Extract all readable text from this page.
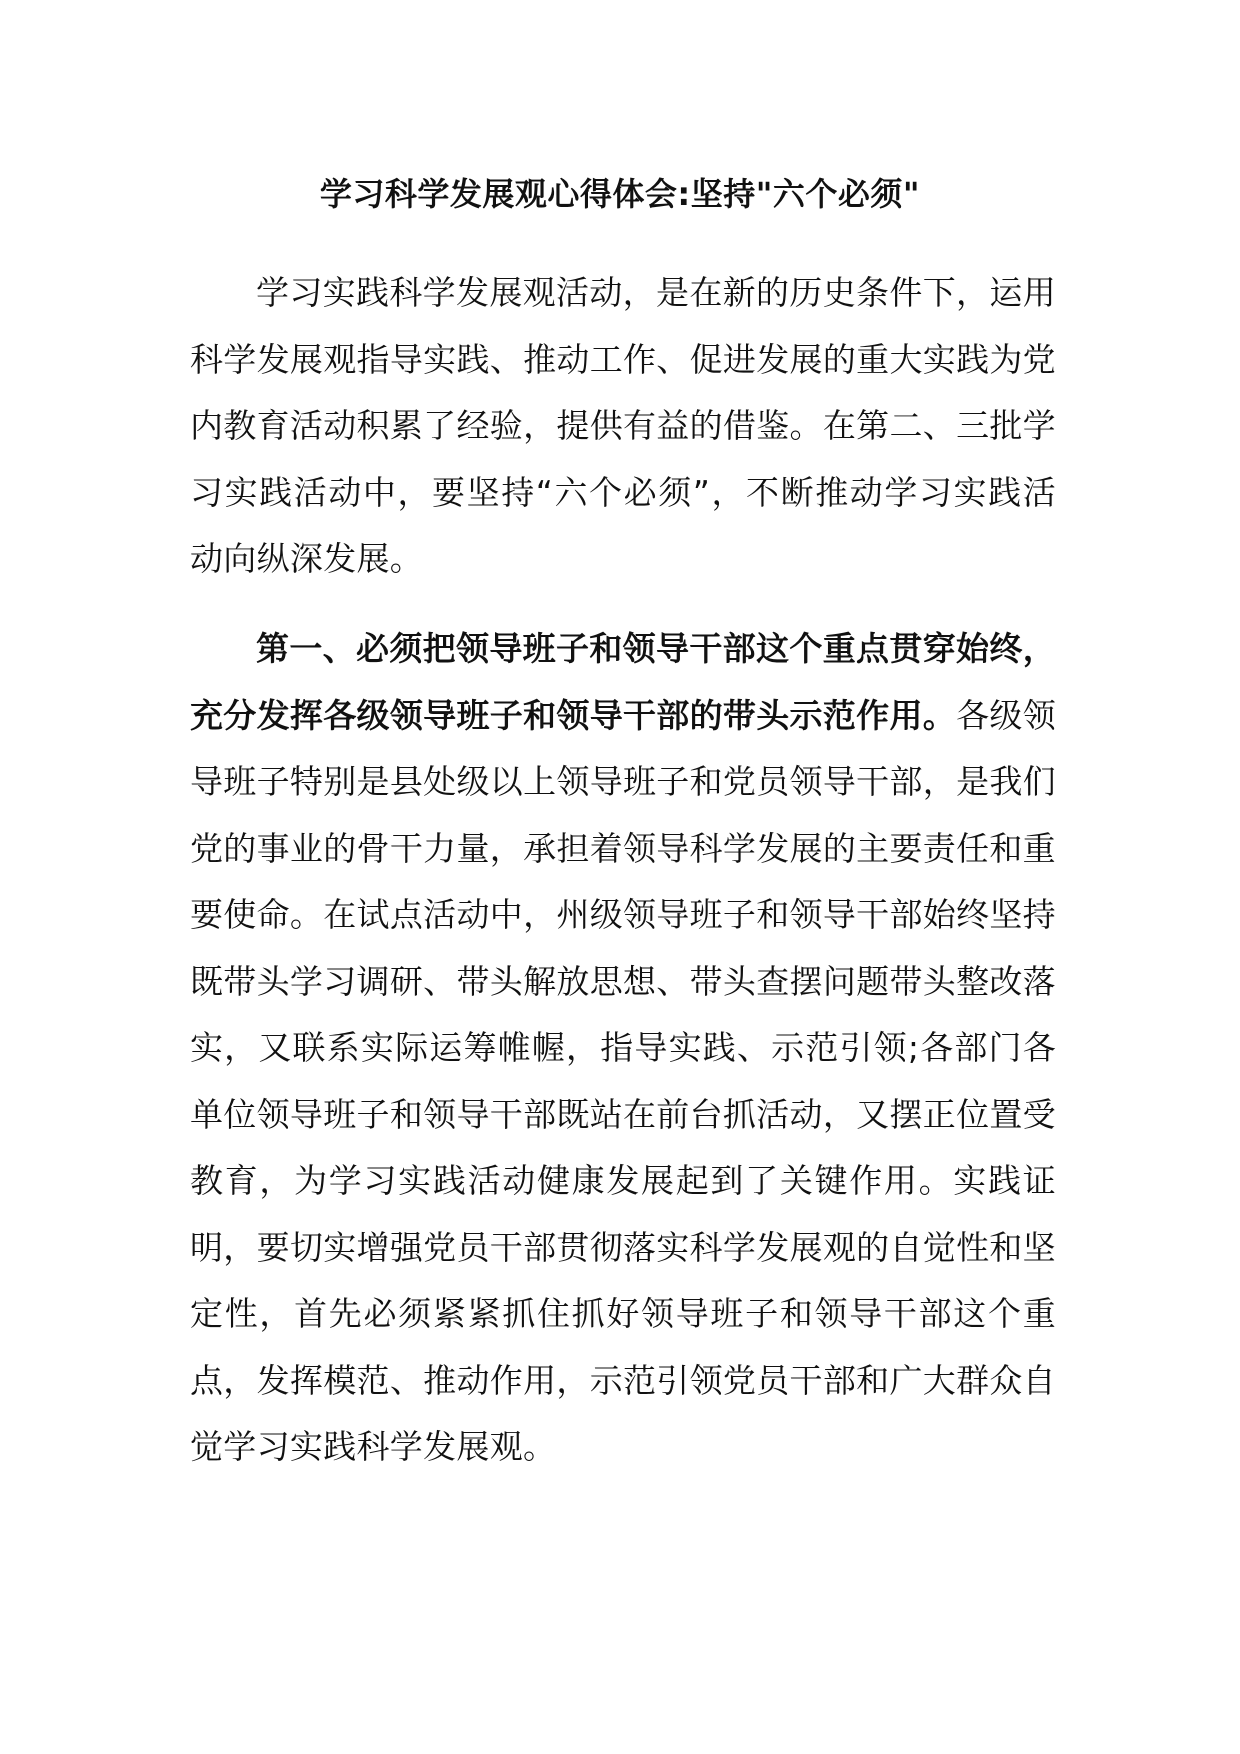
学习科学发展观心得体会:坚持"六个必须"

学习实践科学发展观活动，是在新的历史条件下，运用科学发展观指导实践、推动工作、促进发展的重大实践为党内教育活动积累了经验，提供有益的借鉴。在第二、三批学习实践活动中，要坚持“六个必须”，不断推动学习实践活动向纵深发展。

第一、必须把领导班子和领导干部这个重点贯穿始终，充分发挥各级领导班子和领导干部的带头示范作用。各级领导班子特别是县处级以上领导班子和党员领导干部，是我们党的事业的骨干力量，承担着领导科学发展的主要责任和重要使命。在试点活动中，州级领导班子和领导干部始终坚持既带头学习调研、带头解放思想、带头查摆问题带头整改落实，又联系实际运筹帷幄，指导实践、示范引领;各部门各单位领导班子和领导干部既站在前台抓活动，又摆正位置受教育，为学习实践活动健康发展起到了关键作用。实践证明，要切实增强党员干部贯彻落实科学发展观的自觉性和坚定性，首先必须紧紧抓住抓好领导班子和领导干部这个重点，发挥模范、推动作用，示范引领党员干部和广大群众自觉学习实践科学发展观。
